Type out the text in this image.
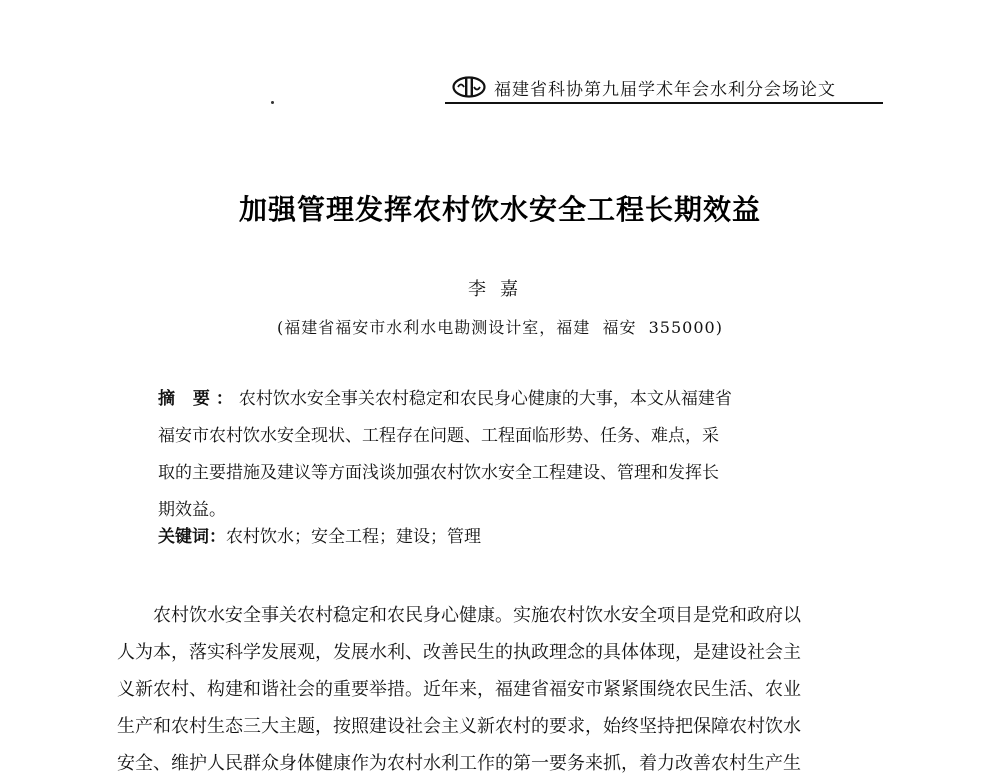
福建省科协第九届学术年会水利分会场论文
加强管理发挥农村饮水安全工程长期效益
李嘉
(福建省福安市水利水电勘测设计室，福建  福安  355000)
摘 要：农村饮水安全事关农村稳定和农民身心健康的大事，本文从福建省
福安市农村饮水安全现状、工程存在问题、工程面临形势、任务、难点，采
取的主要措施及建议等方面浅谈加强农村饮水安全工程建设、管理和发挥长
期效益。
关键词：农村饮水；安全工程；建设；管理
农村饮水安全事关农村稳定和农民身心健康。实施农村饮水安全项目是党和政府以
人为本，落实科学发展观，发展水利、改善民生的执政理念的具体体现，是建设社会主
义新农村、构建和谐社会的重要举措。近年来，福建省福安市紧紧围绕农民生活、农业
生产和农村生态三大主题，按照建设社会主义新农村的要求，始终坚持把保障农村饮水
安全、维护人民群众身体健康作为农村水利工作的第一要务来抓，着力改善农村生产生
